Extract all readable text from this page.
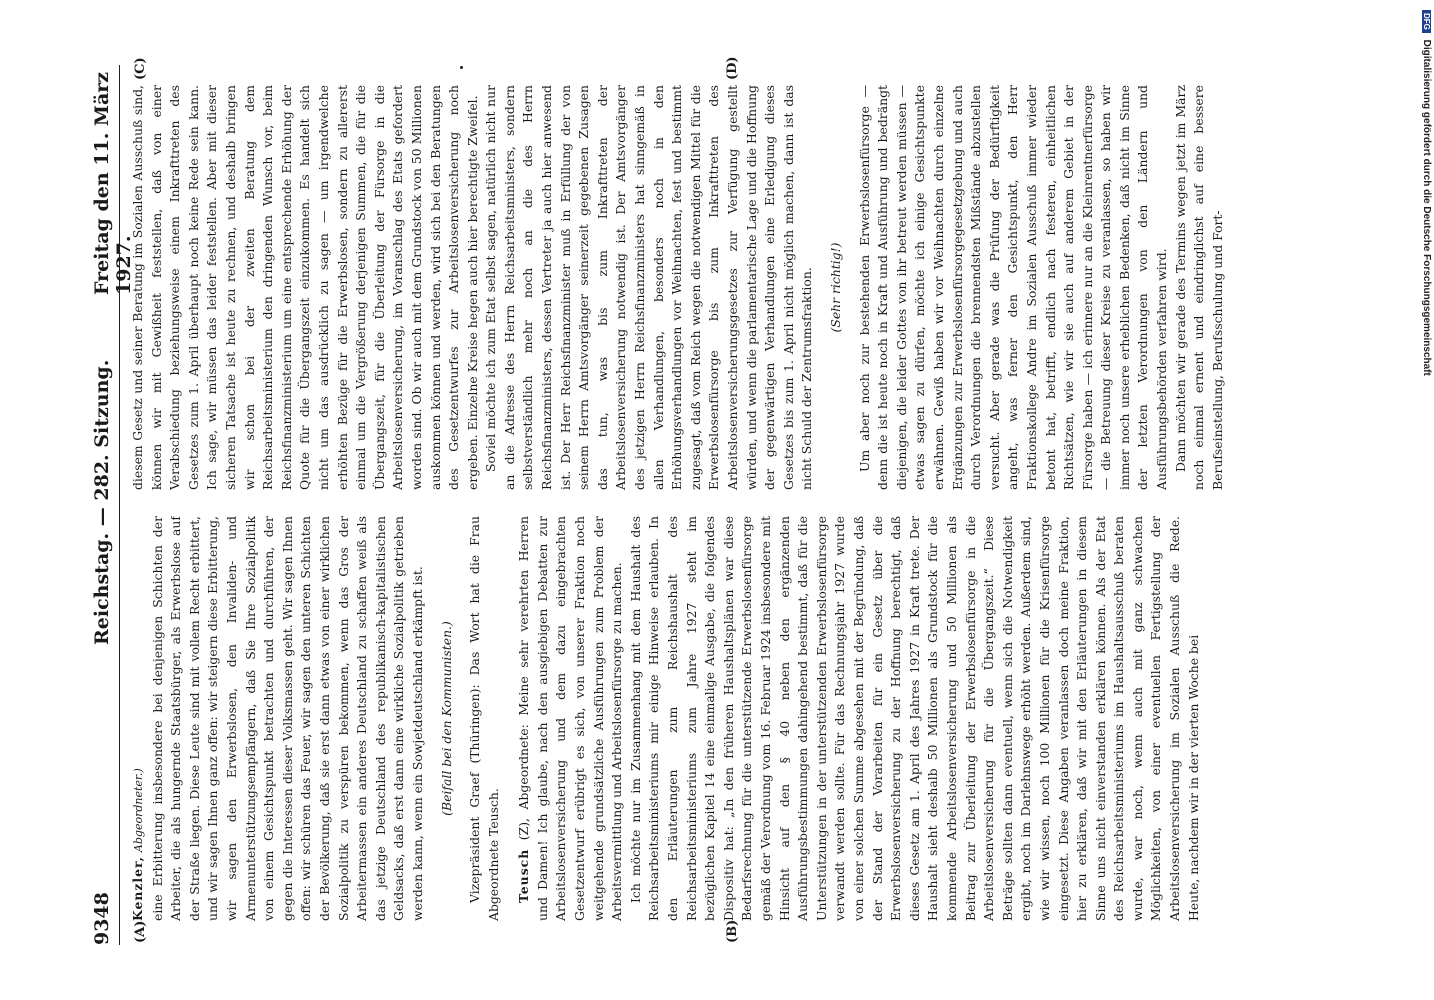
9348
Reichstag. — 282. Sitzung.
Freitag den 11. März 1927.
(A)	(B)
(C)	(D)

Kenzler, Abgeordneter.) eine Erbitterung insbesondere bei denjenigen Schichten der Arbeiter, die als hungernde Staatsbürger, als Erwerbslose auf der Straße liegen. Diese Leute sind mit vollem Recht erbittert, und wir sagen Ihnen ganz offen: wir steigern diese Erbitterung, wir sagen den Erwerbslosen, den Invaliden- und Armenunterstützungsempfängern, daß Sie Ihre Sozialpolitik von einem Gesichtspunkt betrachten und durchführen, der gegen die Interessen dieser Volksmassen geht. Wir sagen Ihnen offen: wir schüren das Feuer, wir sagen den unteren Schichten der Bevölkerung, daß sie erst dann etwas von einer wirklichen Sozialpolitik zu verspüren bekommen, wenn das Gros der Arbeitermassen ein anderes Deutschland zu schaffen weiß als das jetzige Deutschland des republikanisch-kapitalistischen Geldsacks, daß erst dann eine wirkliche Sozialpolitik getrieben werden kann, wenn ein Sowjetdeutschland erkämpft ist. (Beifall bei den Kommunisten.) Vizepräsident Graef (Thüringen): Das Wort hat die Frau Abgeordnete Teusch. Teusch (Z), Abgeordnete: Meine sehr verehrten Herren und Damen! Ich glaube, nach den ausgiebigen Debatten zur Arbeitslosenversicherung und dem dazu eingebrachten Gesetzentwurf erübrigt es sich, von unserer Fraktion noch weitgehende grundsätzliche Ausführungen zum Problem der Arbeitsvermittlung und Arbeitslosenfürsorge zu machen. Ich möchte nur im Zusammenhang mit dem Haushalt des Reichsarbeitsministeriums mir einige Hinweise erlauben. In den Erläuterungen zum Reichshaushalt des Reichsarbeitsministeriums zum Jahre 1927 steht im bezüglichen Kapitel 14 eine einmalige Ausgabe, die folgendes Dispositiv hat: „In den früheren Haushaltsplänen war diese Bedarfsrechnung für die unterstützende Erwerbslosenfürsorge gemäß der Verordnung vom 16. Februar 1924 insbesondere mit Hinsicht auf den § 40 neben den ergänzenden Ausführungsbestimmungen dahingehend bestimmt, daß für die Unterstützungen in der unterstützenden Erwerbslosenfürsorge verwandt werden sollte. Für das Rechnungsjahr 1927 wurde von einer solchen Summe abgesehen mit der Begründung, daß der Stand der Vorarbeiten für ein Gesetz über die Erwerbslosenversicherung zu der Hoffnung berechtigt, daß dieses Gesetz am 1. April des Jahres 1927 in Kraft trete. Der Haushalt sieht deshalb 50 Millionen als Grundstock für die kommende Arbeitslosenversicherung und 50 Millionen als Beitrag zur Überleitung der Erwerbslosenfürsorge in die Arbeitslosenversicherung für die Übergangszeit.“ Diese Beträge sollten dann eventuell, wenn sich die Notwendigkeit ergibt, noch im Darlehnswege erhöht werden. Außerdem sind, wie wir wissen, noch 100 Millionen für die Krisenfürsorge eingesetzt. Diese Angaben veranlassen doch meine Fraktion, hier zu erklären, daß wir mit den Erläuterungen in diesem Sinne uns nicht einverstanden erklären können. Als der Etat des Reichsarbeitsministeriums im Haushaltsausschuß beraten wurde, war noch, wenn auch mit ganz schwachen Möglichkeiten, von einer eventuellen Fertigstellung der Arbeitslosenversicherung im Sozialen Ausschuß die Rede. Heute, nachdem wir in der vierten Woche bei

diesem Gesetz und seiner Beratung im Sozialen Ausschuß sind, können wir mit Gewißheit feststellen, daß von einer Verabschiedung beziehungsweise einem Inkrafttreten des Gesetzes zum 1. April überhaupt noch keine Rede sein kann. Ich sage, wir müssen das leider feststellen. Aber mit dieser sicheren Tatsache ist heute zu rechnen, und deshalb bringen wir schon bei der zweiten Beratung dem Reichsarbeitsministerium den dringenden Wunsch vor, beim Reichsfinanzministerium um eine entsprechende Erhöhung der Quote für die Übergangszeit einzukommen. Es handelt sich nicht um das ausdrücklich zu sagen — um irgendwelche erhöhten Bezüge für die Erwerbslosen, sondern zu allererst einmal um die Vergrößerung derjenigen Summen, die für die Übergangszeit, für die Überleitung der Fürsorge in die Arbeitslosenversicherung, im Voranschlag des Etats gefordert worden sind. Ob wir auch mit dem Grundstock von 50 Millionen auskommen können und werden, wird sich bei den Beratungen des Gesetzentwurfes zur Arbeitslosenversicherung noch ergeben. Einzelne Kreise hegen auch hier berechtigte Zweifel. Soviel möchte ich zum Etat selbst sagen, natürlich nicht nur an die Adresse des Herrn Reichsarbeitsministers, sondern selbstverständlich mehr noch an die des Herrn Reichsfinanzministers, dessen Vertreter ja auch hier anwesend ist. Der Herr Reichsfinanzminister muß in Erfüllung der von seinem Herrn Amtsvorgänger seinerzeit gegebenen Zusagen das tun, was bis zum Inkrafttreten der Arbeitslosenversicherung notwendig ist. Der Amtsvorgänger des jetzigen Herrn Reichsfinanzministers hat sinngemäß in allen Verhandlungen, besonders noch in den Erhöhungsverhandlungen vor Weihnachten, fest und bestimmt zugesagt, daß vom Reich wegen die notwendigen Mittel für die Erwerbslosenfürsorge bis zum Inkrafttreten des Arbeitslosenversicherungsgesetzes zur Verfügung gestellt würden, und wenn die parlamentarische Lage und die Hoffnung der gegenwärtigen Verhandlungen eine Erledigung dieses Gesetzes bis zum 1. April nicht möglich machen, dann ist das nicht Schuld der Zentrumsfraktion. (Sehr richtig!) Um aber noch zur bestehenden Erwerbslosenfürsorge — denn die ist heute noch in Kraft und Ausführung und bedrängt diejenigen, die leider Gottes von ihr betreut werden müssen — etwas sagen zu dürfen, möchte ich einige Gesichtspunkte erwähnen. Gewiß haben wir vor Weihnachten durch einzelne Ergänzungen zur Erwerbslosenfürsorgegesetzgebung und auch durch Verordnungen die brennendsten Mißstände abzustellen versucht. Aber gerade was die Prüfung der Bedürftigkeit angeht, was ferner den Gesichtspunkt, den Herr Fraktionskollege Andre im Sozialen Ausschuß immer wieder betont hat, betrifft, endlich nach festeren, einheitlichen Richtsätzen, wie wir sie auch auf anderem Gebiet in der Fürsorge haben — ich erinnere nur an die Kleinrentnerfürsorge — die Betreuung dieser Kreise zu veranlassen, so haben wir immer noch unsere erheblichen Bedenken, daß nicht im Sinne der letzten Verordnungen von den Ländern und Ausführungsbehörden verfahren wird. Dann möchten wir gerade des Termins wegen jetzt im März noch einmal ernent und eindringlichst auf eine bessere Berufseinstellung, Berufsschulung und Fort-

DFG Digitalisierung gefördert durch die Deutsche Forschungsgemeinschaft
